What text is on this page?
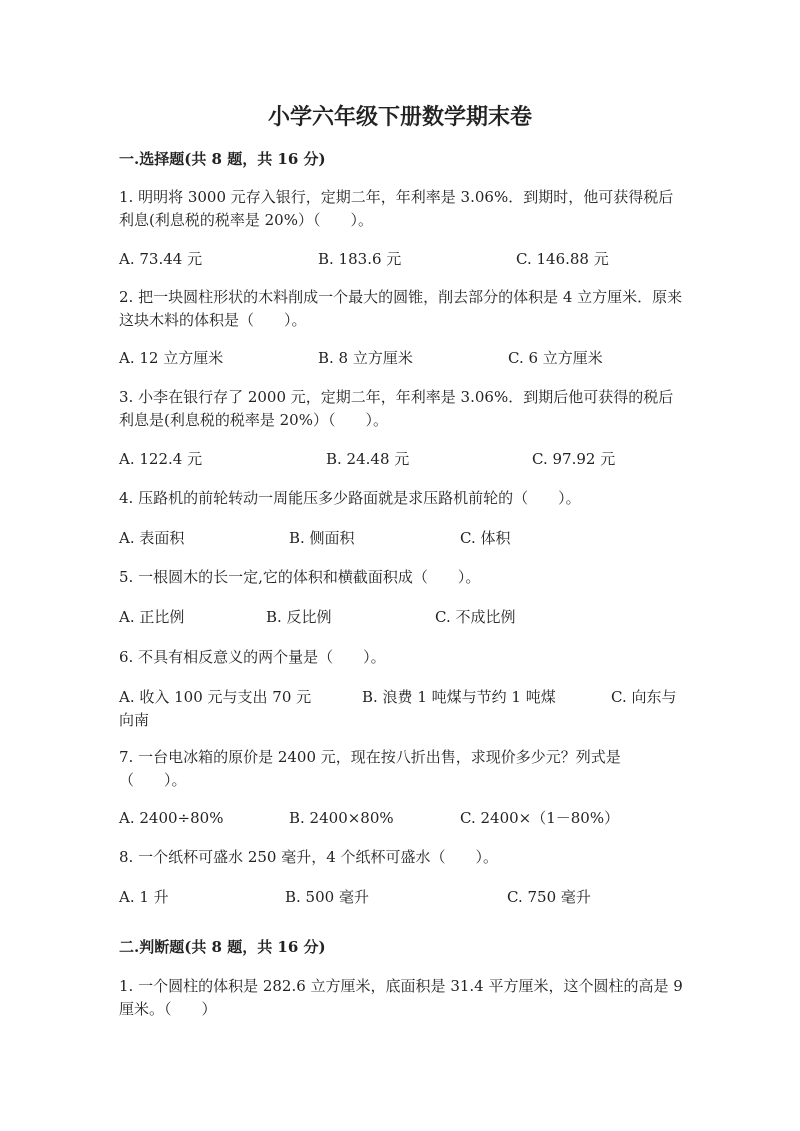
小学六年级下册数学期末卷
一.选择题(共 8 题，共 16 分)
1. 明明将 3000 元存入银行，定期二年，年利率是 3.06%．到期时，他可获得税后利息(利息税的税率是 20%）（　　）。
A. 73.44 元	B. 183.6 元	C. 146.88 元
2. 把一块圆柱形状的木料削成一个最大的圆锥，削去部分的体积是 4 立方厘米．原来这块木料的体积是（　　）。
A. 12 立方厘米	B. 8 立方厘米	C. 6 立方厘米
3. 小李在银行存了 2000 元，定期二年，年利率是 3.06%．到期后他可获得的税后利息是(利息税的税率是 20%）（　　）。
A. 122.4 元	B. 24.48 元	C. 97.92 元
4. 压路机的前轮转动一周能压多少路面就是求压路机前轮的（　　）。
A. 表面积	B. 侧面积	C. 体积
5. 一根圆木的长一定,它的体积和横截面积成（　　）。
A. 正比例	B. 反比例	C. 不成比例
6. 不具有相反意义的两个量是（　　）。
A. 收入 100 元与支出 70 元	B. 浪费 1 吨煤与节约 1 吨煤	C. 向东与向南
7. 一台电冰箱的原价是 2400 元，现在按八折出售，求现价多少元？列式是（　　）。
A. 2400÷80%	B. 2400×80%	C. 2400×（1－80%）
8. 一个纸杯可盛水 250 毫升，4 个纸杯可盛水（　　）。
A. 1 升	B. 500 毫升	C. 750 毫升
二.判断题(共 8 题，共 16 分)
1. 一个圆柱的体积是 282.6 立方厘米，底面积是 31.4 平方厘米，这个圆柱的高是 9 厘米。（　　）
